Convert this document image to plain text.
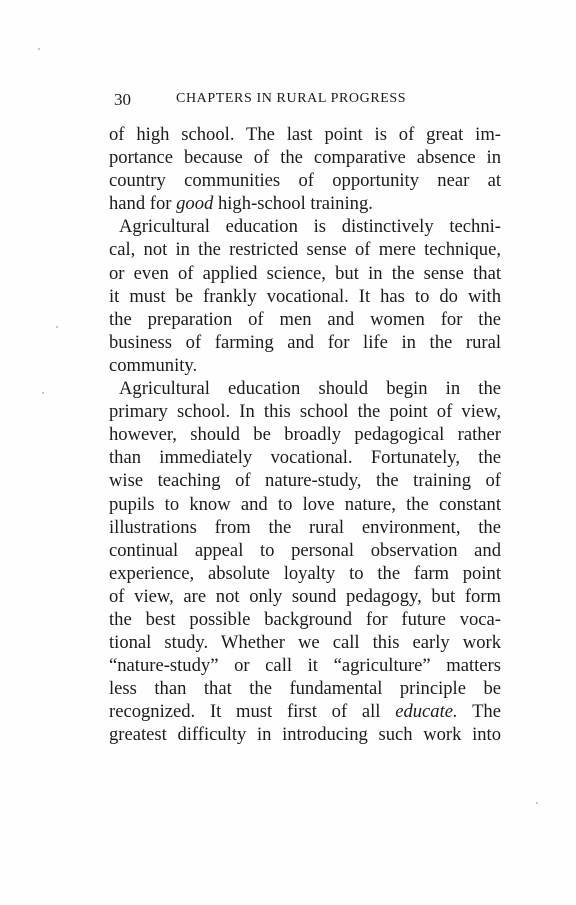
30	CHAPTERS IN RURAL PROGRESS
of high school. The last point is of great im-
portance because of the comparative absence in
country communities of opportunity near at
hand for good high-school training.
Agricultural education is distinctively techni-
cal, not in the restricted sense of mere technique,
or even of applied science, but in the sense that
it must be frankly vocational. It has to do with
the preparation of men and women for the
business of farming and for life in the rural
community.
Agricultural education should begin in the
primary school. In this school the point of view,
however, should be broadly pedagogical rather
than immediately vocational. Fortunately, the
wise teaching of nature-study, the training of
pupils to know and to love nature, the constant
illustrations from the rural environment, the
continual appeal to personal observation and
experience, absolute loyalty to the farm point
of view, are not only sound pedagogy, but form
the best possible background for future voca-
tional study. Whether we call this early work
“nature-study” or call it “agriculture” matters
less than that the fundamental principle be
recognized. It must first of all educate. The
greatest difficulty in introducing such work into
